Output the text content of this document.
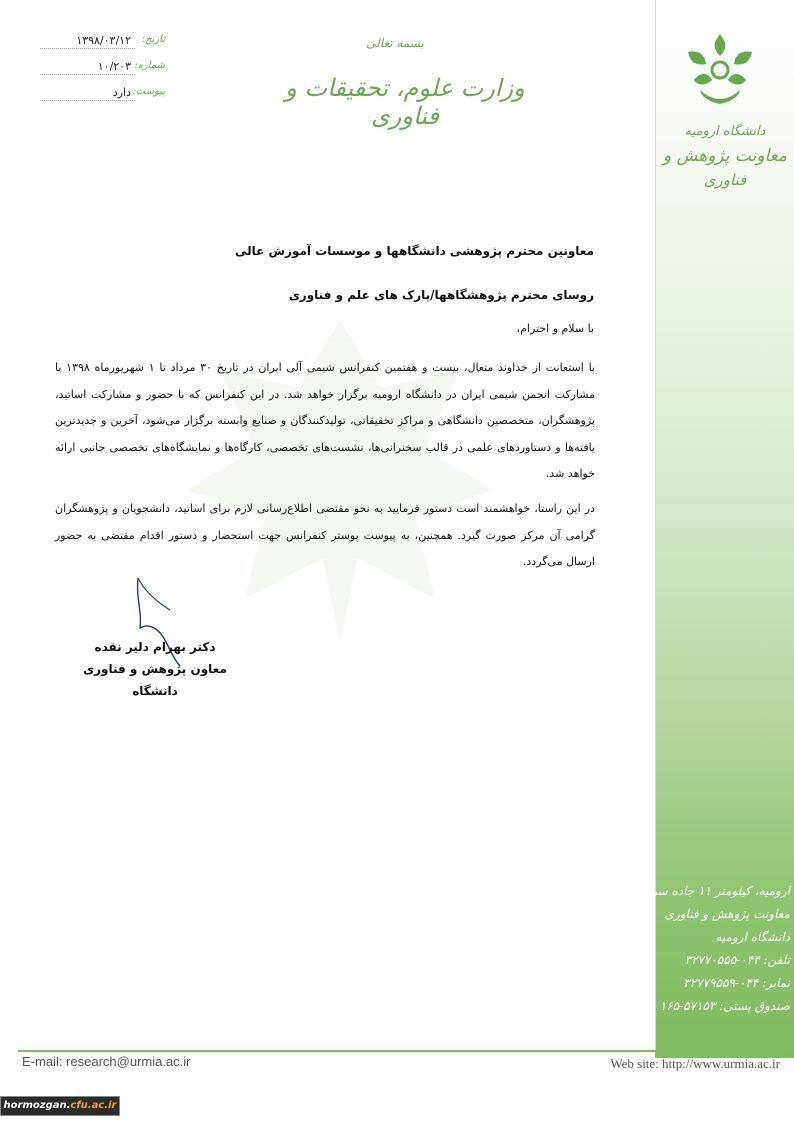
دانشگاه ارومیه
معاونت پژوهش و
فناوری
ارومیه، کیلومتر ۱۱ جاده سرو،
معاونت پژوهش و فناوری
دانشگاه ارومیه
تلفن: ۰۴۴-۳۲۷۷۰۵۵۵
نمابر: ۰۴۴-۳۲۷۷۹۵۵۹
صندوق پستی: ۵۷۱۵۳-۱۶۵
بسمه تعالی
وزارت علوم، تحقیقات و فناوری
تاریخ:
۱۳۹۸/۰۳/۱۲
شماره:
۱۰/۲۰۳
پیوست:
دارد
معاونین محترم پژوهشی دانشگاهها و موسسات آموزش عالی
روسای محترم پژوهشگاهها/پارک های علم و فناوری
با سلام و احترام،
با استعانت از خداوند متعال، بیست و هفتمین کنفرانس شیمی آلی ایران در تاریخ ۳۰ مرداد تا ۱ شهریورماه ۱۳۹۸ با مشارکت انجمن شیمی ایران در دانشگاه ارومیه برگزار خواهد شد. در این کنفرانس که با حضور و مشارکت اساتید، پژوهشگران، متخصصین دانشگاهی و مراکز تحقیقاتی، تولیدکنندگان و صنایع وابسته برگزار می‌شود، آخرین و جدیدترین یافته‌ها و دستاوردهای علمی در قالب سخنرانی‌ها، نشست‌های تخصصی، کارگاه‌ها و نمایشگاه‌های تخصصی جانبی ارائه خواهد شد.
در این راستا، خواهشمند است دستور فرمایید به نحو مقتضی اطلاع‌رسانی لازم برای اساتید، دانشجویان و پژوهشگران گرامی آن مرکز صورت گیرد. همچنین، به پیوست پوستر کنفرانس جهت استحضار و دستور اقدام مقتضی به حضور ارسال می‌گردد.
دکتر بهرام دلیر نقده
معاون پژوهش و فناوری دانشگاه
E-mail: research@urmia.ac.ir	Web site: http://www.urmia.ac.ir
hormozgan.cfu.ac.ir
